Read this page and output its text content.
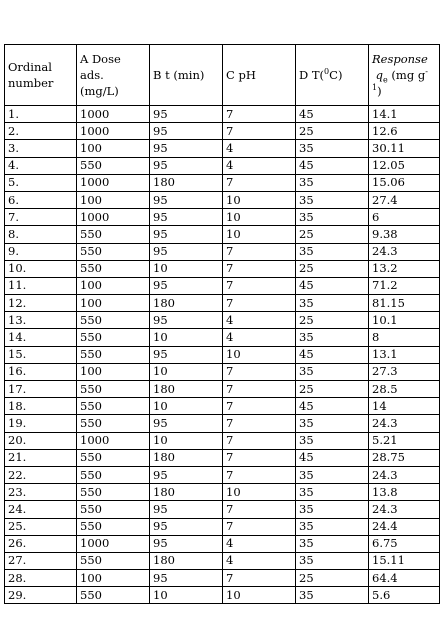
Ordinal number	A Dose ads. (mg/L)	B t (min)	C pH	D T($^0$C)	Response
$q_e$ (mg $g^{-1}$)
1.	1000	95	7	45	14.1
2.	1000	95	7	25	12.6
3.	100	95	4	35	30.11
4.	550	95	4	45	12.05
5.	1000	180	7	35	15.06
6.	100	95	10	35	27.4
7.	1000	95	10	35	6
8.	550	95	10	25	9.38
9.	550	95	7	35	24.3
10.	550	10	7	25	13.2
11.	100	95	7	45	71.2
12.	100	180	7	35	81.15
13.	550	95	4	25	10.1
14.	550	10	4	35	8
15.	550	95	10	45	13.1
16.	100	10	7	35	27.3
17.	550	180	7	25	28.5
18.	550	10	7	45	14
19.	550	95	7	35	24.3
20.	1000	10	7	35	5.21
21.	550	180	7	45	28.75
22.	550	95	7	35	24.3
23.	550	180	10	35	13.8
24.	550	95	7	35	24.3
25.	550	95	7	35	24.4
26.	1000	95	4	35	6.75
27.	550	180	4	35	15.11
28.	100	95	7	25	64.4
29.	550	10	10	35	5.6
